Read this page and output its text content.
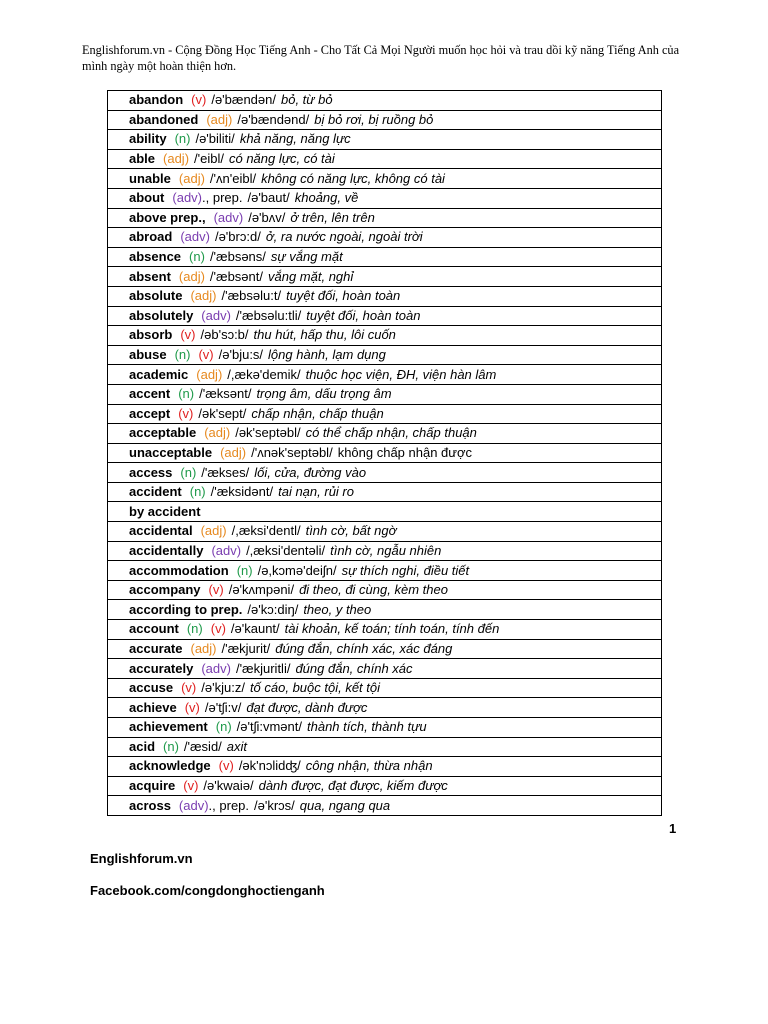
Englishforum.vn - Cộng Đồng Học Tiếng Anh - Cho Tất Cả Mọi Người muốn học hỏi và trau dồi kỹ năng Tiếng Anh của mình ngày một hoàn thiện hơn.
abandon (v) /ə'bændən/ bỏ, từ bỏ
abandoned (adj) /ə'bændənd/ bị bỏ rơi, bị ruồng bỏ
ability (n) /ə'biliti/ khả năng, năng lực
able (adj) /'eibl/ có năng lực, có tài
unable (adj) /'ʌn'eibl/ không có năng lực, không có tài
about (adv)., prep. /ə'baut/ khoảng, về
above prep., (adv) /ə'bʌv/ ở trên, lên trên
abroad (adv) /ə'brɔ:d/ ở, ra nước ngoài, ngoài trời
absence (n) /'æbsəns/ sự vắng mặt
absent (adj) /'æbsənt/ vắng mặt, nghỉ
absolute (adj) /'æbsəlu:t/ tuyệt đối, hoàn toàn
absolutely (adv) /'æbsəlu:tli/ tuyệt đối, hoàn toàn
absorb (v) /əb'sɔ:b/ thu hút, hấp thu, lôi cuốn
abuse (n) (v) /ə'bju:s/ lộng hành, lạm dụng
academic (adj) /,ækə'demik/ thuộc học viện, ĐH, viện hàn lâm
accent (n) /'æksənt/ trọng âm, dấu trọng âm
accept (v) /ək'sept/ chấp nhận, chấp thuận
acceptable (adj) /ək'septəbl/ có thể chấp nhận, chấp thuận
unacceptable (adj) /'ʌnək'septəbl/ không chấp nhận được
access (n) /'ækses/ lối, cửa, đường vào
accident (n) /'æksidənt/ tai nạn, rủi ro
by accident
accidental (adj) /,æksi'dentl/ tình cờ, bất ngờ
accidentally (adv) /,æksi'dentəli/ tình cờ, ngẫu nhiên
accommodation (n) /ə,kɔmə'deiʃn/ sự thích nghi, điều tiết
accompany (v) /ə'kʌmpəni/ đi theo, đi cùng, kèm theo
according to prep. /ə'kɔ:diŋ/ theo, y theo
account (n) (v) /ə'kaunt/ tài khoản, kế toán; tính toán, tính đến
accurate (adj) /'ækjurit/ đúng đắn, chính xác, xác đáng
accurately (adv) /'ækjuritli/ đúng đắn, chính xác
accuse (v) /ə'kju:z/ tố cáo, buộc tội, kết tội
achieve (v) /ə'tʃi:v/ đạt được, dành được
achievement (n) /ə'tʃi:vmənt/ thành tích, thành tựu
acid (n) /'æsid/ axit
acknowledge (v) /ək'nɔlidʤ/ công nhận, thừa nhận
acquire (v) /ə'kwaiə/ dành được, đạt được, kiếm được
across (adv)., prep. /ə'krɔs/ qua, ngang qua
1
Englishforum.vn
Facebook.com/congdonghoctienganh
